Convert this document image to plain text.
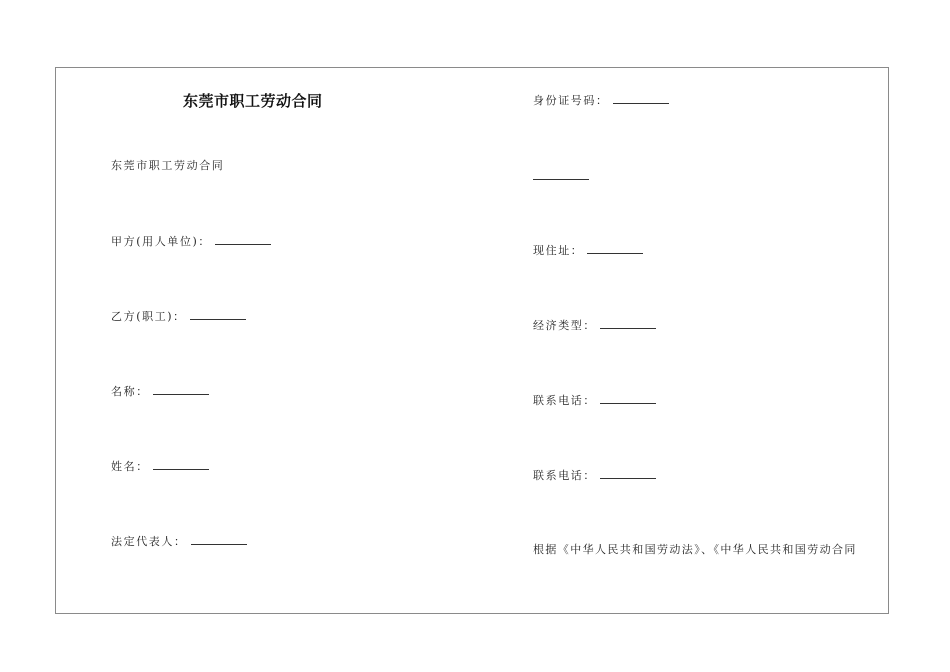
东莞市职工劳动合同
东莞市职工劳动合同
甲方(用人单位)：
乙方(职工)：
名称：
姓名：
法定代表人：
身份证号码：
现住址：
经济类型：
联系电话：
联系电话：
根据《中华人民共和国劳动法》、《中华人民共和国劳动合同
